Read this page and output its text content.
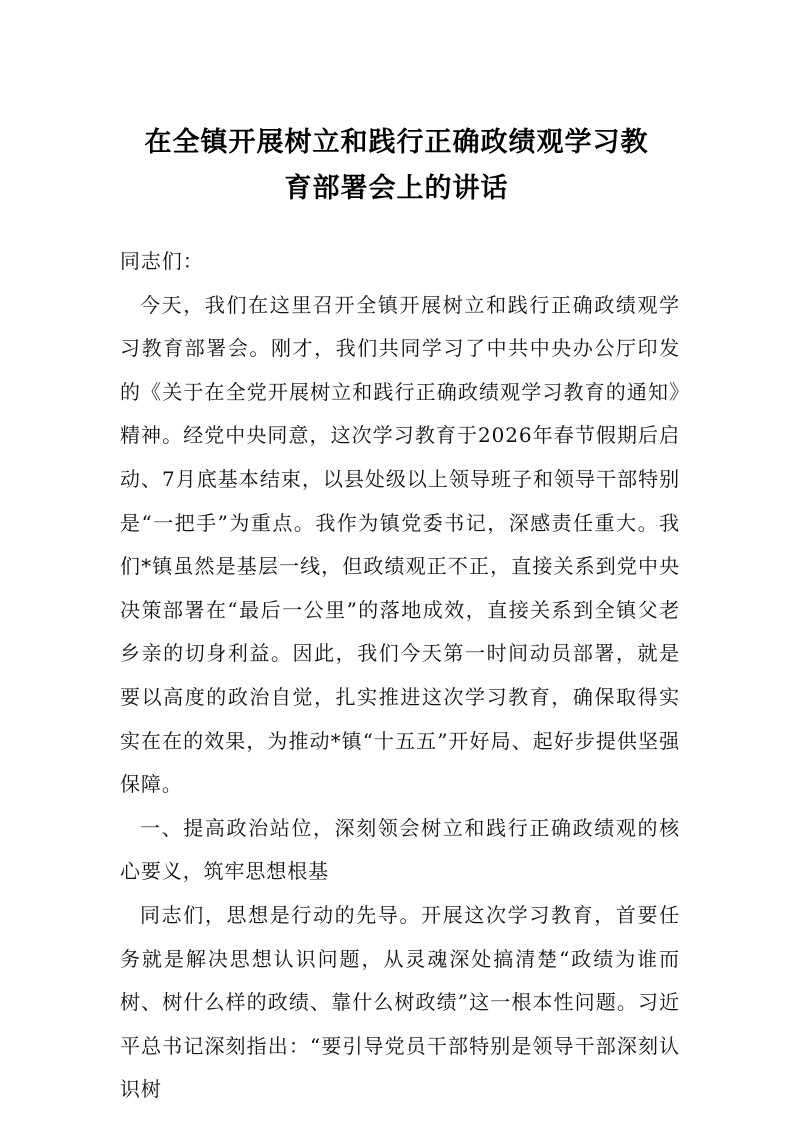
在全镇开展树立和践行正确政绩观学习教
育部署会上的讲话

同志们：

今天，我们在这里召开全镇开展树立和践行正确政绩观学习教育部署会。刚才，我们共同学习了中共中央办公厅印发的《关于在全党开展树立和践行正确政绩观学习教育的通知》精神。经党中央同意，这次学习教育于2026年春节假期后启动、7月底基本结束，以县处级以上领导班子和领导干部特别是“一把手”为重点。我作为镇党委书记，深感责任重大。我们*镇虽然是基层一线，但政绩观正不正，直接关系到党中央决策部署在“最后一公里”的落地成效，直接关系到全镇父老乡亲的切身利益。因此，我们今天第一时间动员部署，就是要以高度的政治自觉，扎实推进这次学习教育，确保取得实实在在的效果，为推动*镇“十五五”开好局、起好步提供坚强保障。

一、提高政治站位，深刻领会树立和践行正确政绩观的核心要义，筑牢思想根基

同志们，思想是行动的先导。开展这次学习教育，首要任务就是解决思想认识问题，从灵魂深处搞清楚“政绩为谁而树、树什么样的政绩、靠什么树政绩”这一根本性问题。习近平总书记深刻指出：“要引导党员干部特别是领导干部深刻认识树
